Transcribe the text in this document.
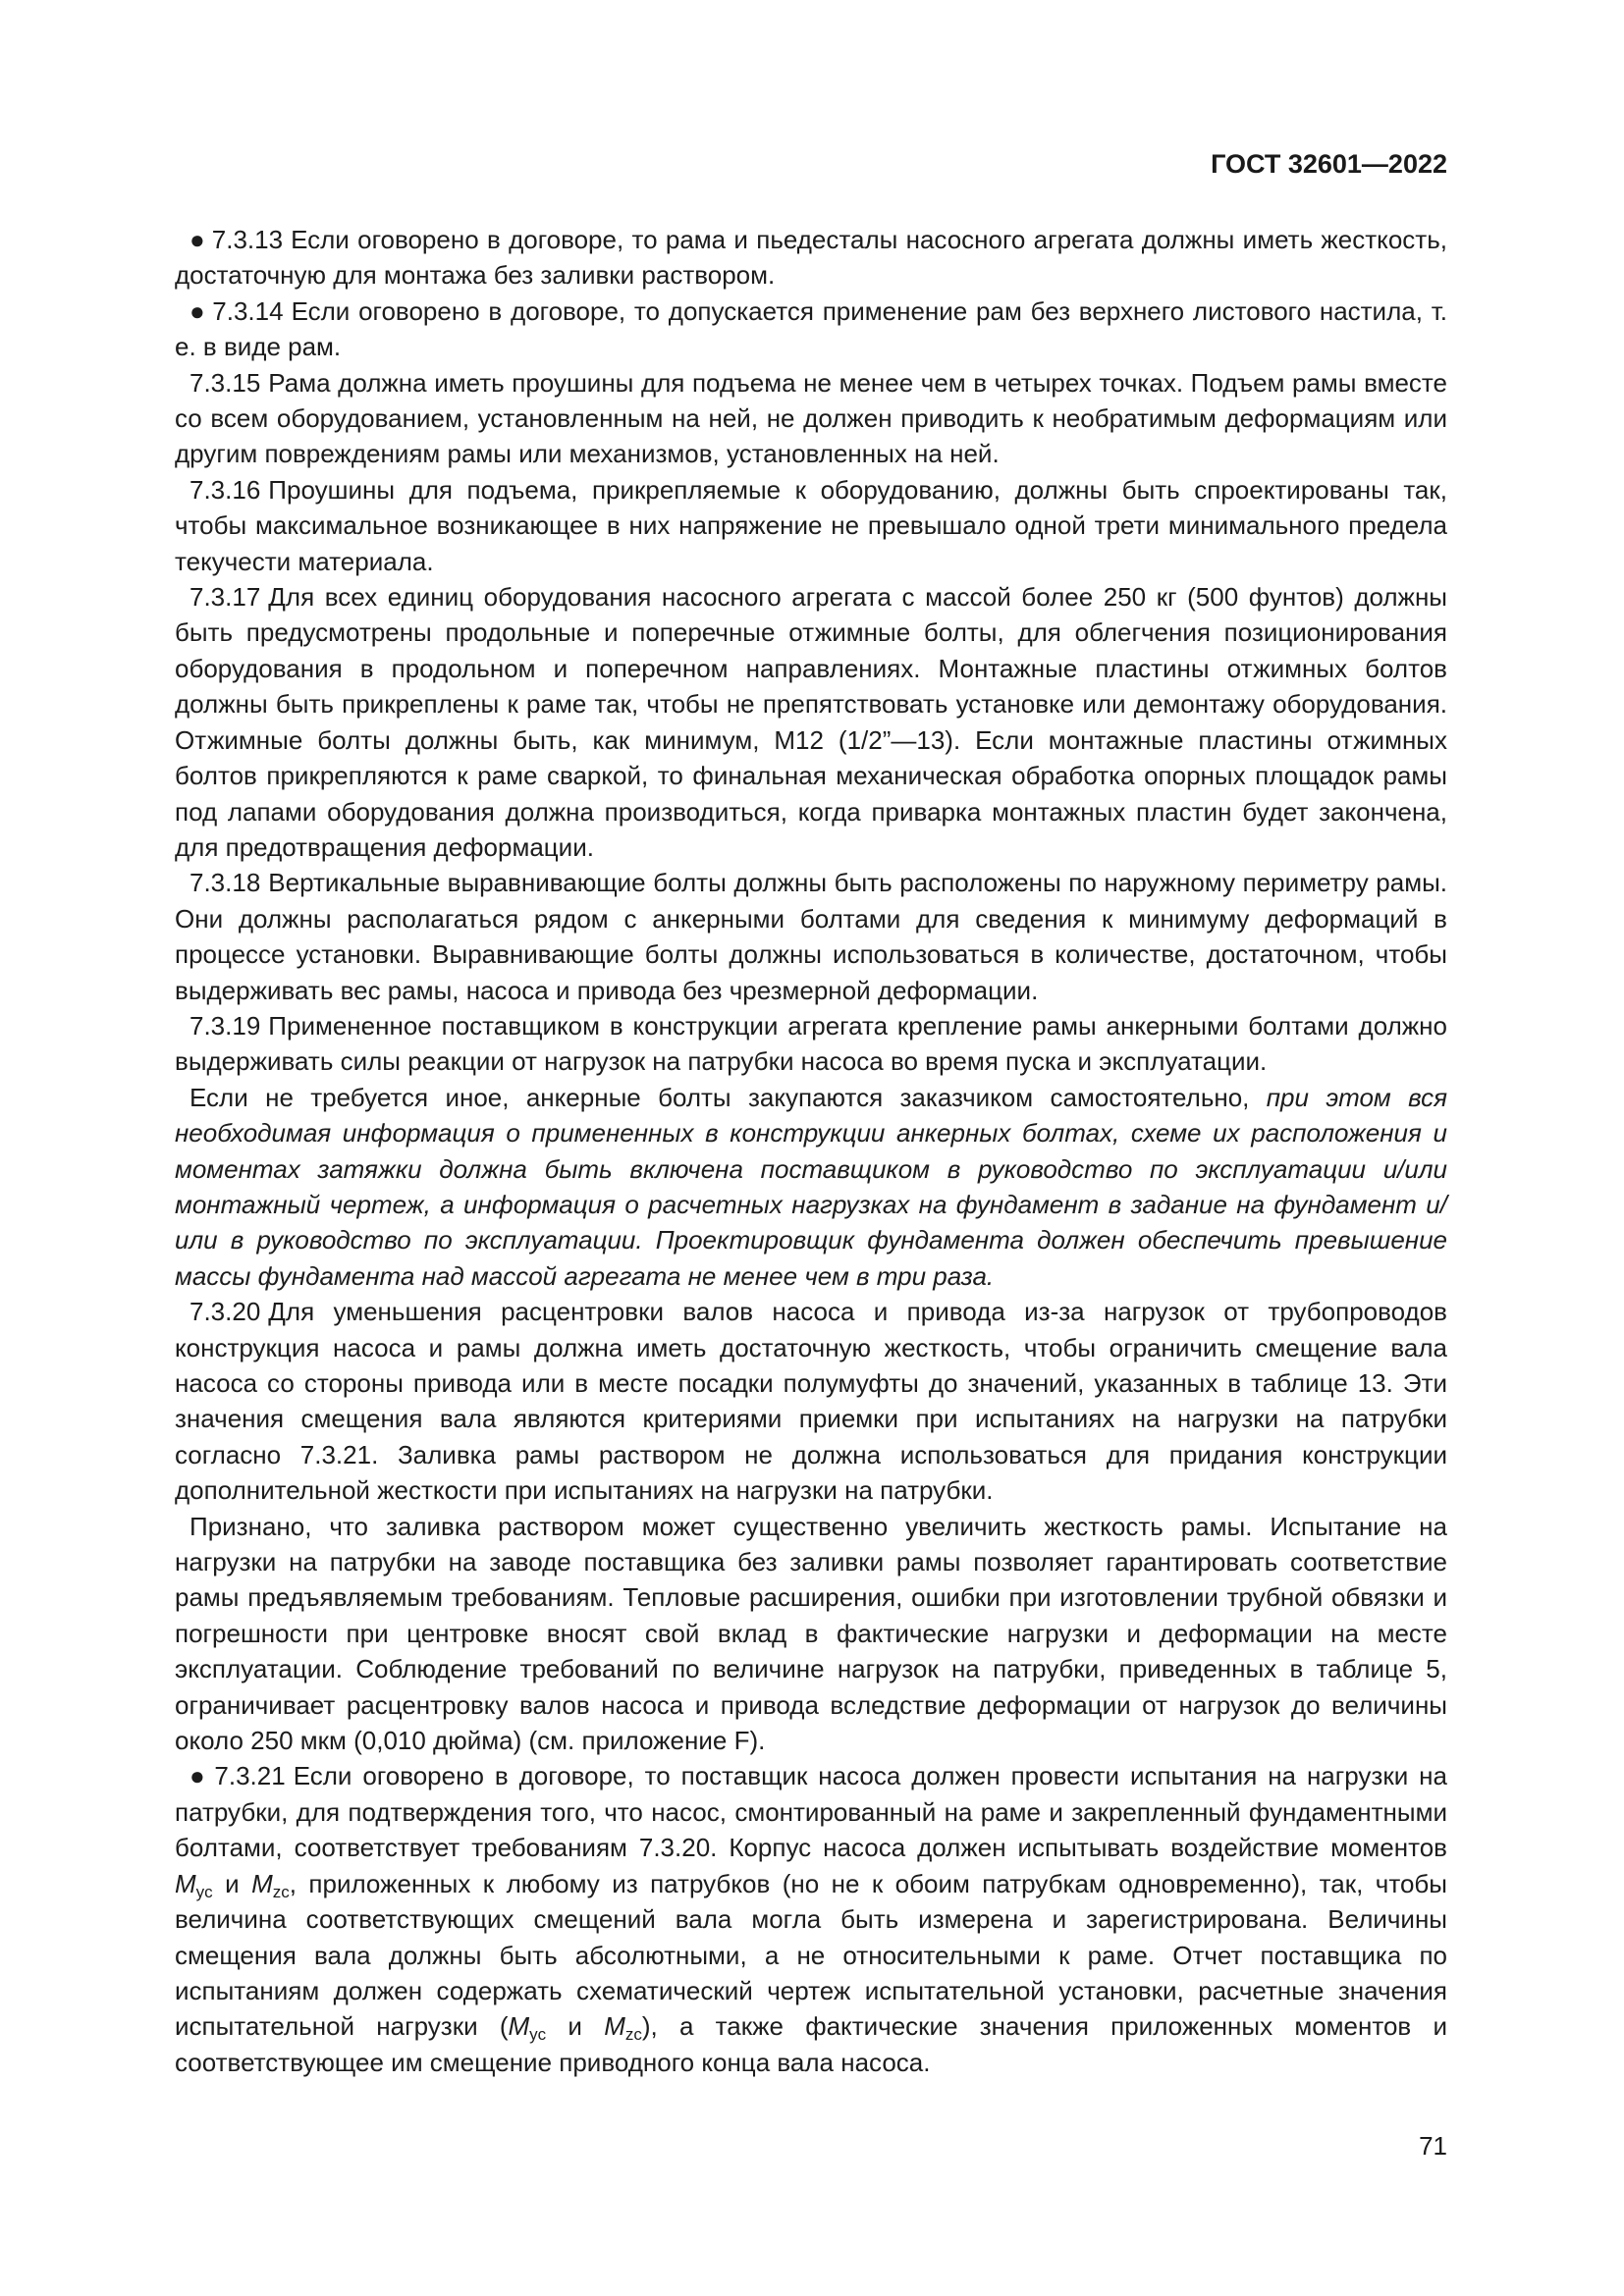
ГОСТ 32601—2022

● 7.3.13 Если оговорено в договоре, то рама и пьедесталы насосного агрегата должны иметь жесткость, достаточную для монтажа без заливки раствором.

● 7.3.14 Если оговорено в договоре, то допускается применение рам без верхнего листового настила, т. е. в виде рам.

7.3.15 Рама должна иметь проушины для подъема не менее чем в четырех точках. Подъем рамы вместе со всем оборудованием, установленным на ней, не должен приводить к необратимым деформациям или другим повреждениям рамы или механизмов, установленных на ней.

7.3.16 Проушины для подъема, прикрепляемые к оборудованию, должны быть спроектированы так, чтобы максимальное возникающее в них напряжение не превышало одной трети минимального предела текучести материала.

7.3.17 Для всех единиц оборудования насосного агрегата с массой более 250 кг (500 фунтов) должны быть предусмотрены продольные и поперечные отжимные болты, для облегчения позиционирования оборудования в продольном и поперечном направлениях. Монтажные пластины отжимных болтов должны быть прикреплены к раме так, чтобы не препятствовать установке или демонтажу оборудования. Отжимные болты должны быть, как минимум, M12 (1/2”—13). Если монтажные пластины отжимных болтов прикрепляются к раме сваркой, то финальная механическая обработка опорных площадок рамы под лапами оборудования должна производиться, когда приварка монтажных пластин будет закончена, для предотвращения деформации.

7.3.18 Вертикальные выравнивающие болты должны быть расположены по наружному периметру рамы. Они должны располагаться рядом с анкерными болтами для сведения к минимуму деформаций в процессе установки. Выравнивающие болты должны использоваться в количестве, достаточном, чтобы выдерживать вес рамы, насоса и привода без чрезмерной деформации.

7.3.19 Примененное поставщиком в конструкции агрегата крепление рамы анкерными болтами должно выдерживать силы реакции от нагрузок на патрубки насоса во время пуска и эксплуатации.

Если не требуется иное, анкерные болты закупаются заказчиком самостоятельно, при этом вся необходимая информация о примененных в конструкции анкерных болтах, схеме их расположения и моментах затяжки должна быть включена поставщиком в руководство по эксплуатации и/или монтажный чертеж, а информация о расчетных нагрузках на фундамент в задание на фундамент и/или в руководство по эксплуатации. Проектировщик фундамента должен обеспечить превышение массы фундамента над массой агрегата не менее чем в три раза.

7.3.20 Для уменьшения расцентровки валов насоса и привода из-за нагрузок от трубопроводов конструкция насоса и рамы должна иметь достаточную жесткость, чтобы ограничить смещение вала насоса со стороны привода или в месте посадки полумуфты до значений, указанных в таблице 13. Эти значения смещения вала являются критериями приемки при испытаниях на нагрузки на патрубки согласно 7.3.21. Заливка рамы раствором не должна использоваться для придания конструкции дополнительной жесткости при испытаниях на нагрузки на патрубки.

Признано, что заливка раствором может существенно увеличить жесткость рамы. Испытание на нагрузки на патрубки на заводе поставщика без заливки рамы позволяет гарантировать соответствие рамы предъявляемым требованиям. Тепловые расширения, ошибки при изготовлении трубной обвязки и погрешности при центровке вносят свой вклад в фактические нагрузки и деформации на месте эксплуатации. Соблюдение требований по величине нагрузок на патрубки, приведенных в таблице 5, ограничивает расцентровку валов насоса и привода вследствие деформации от нагрузок до величины около 250 мкм (0,010 дюйма) (см. приложение F).

● 7.3.21 Если оговорено в договоре, то поставщик насоса должен провести испытания на нагрузки на патрубки, для подтверждения того, что насос, смонтированный на раме и закрепленный фундаментными болтами, соответствует требованиям 7.3.20. Корпус насоса должен испытывать воздействие моментов $M_{yc}$ и $M_{zc}$, приложенных к любому из патрубков (но не к обоим патрубкам одновременно), так, чтобы величина соответствующих смещений вала могла быть измерена и зарегистрирована. Величины смещения вала должны быть абсолютными, а не относительными к раме. Отчет поставщика по испытаниям должен содержать схематический чертеж испытательной установки, расчетные значения испытательной нагрузки ($M_{yc}$ и $M_{zc}$), а также фактические значения приложенных моментов и соответствующее им смещение приводного конца вала насоса.

71
